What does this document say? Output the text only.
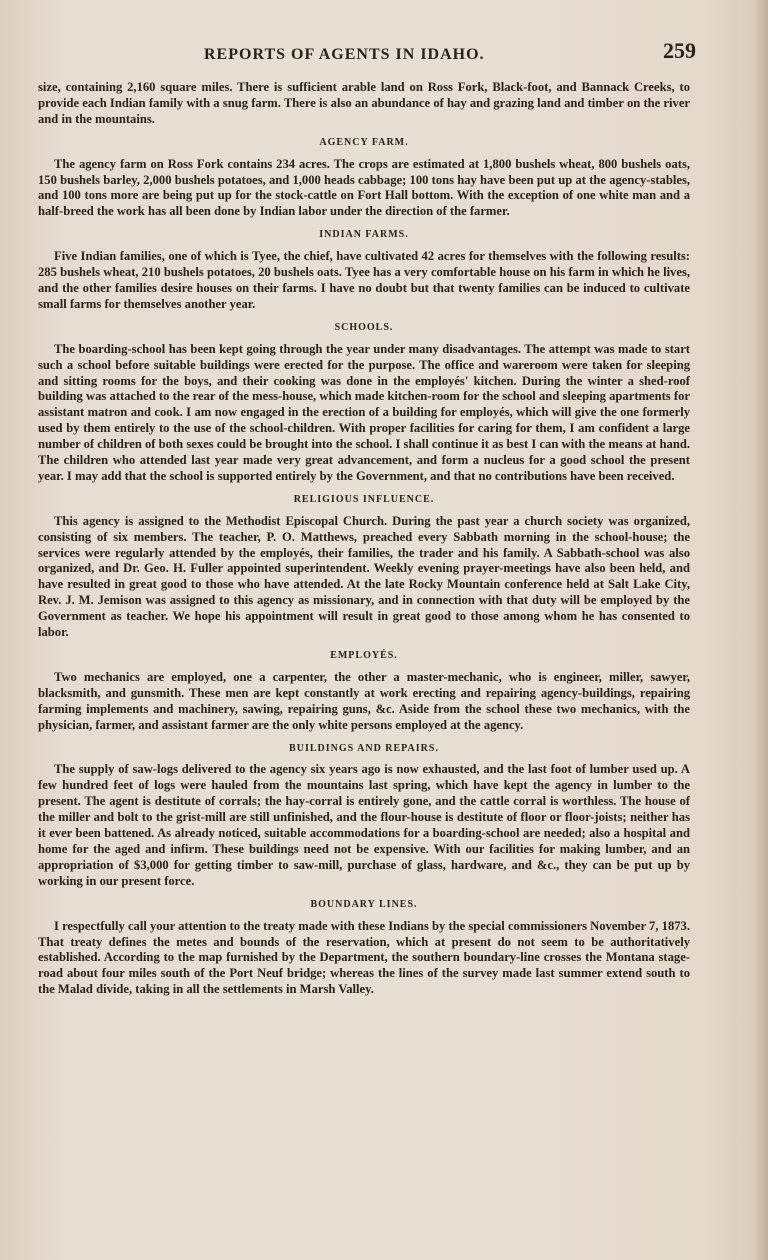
REPORTS OF AGENTS IN IDAHO.	259

size, containing 2,160 square miles. There is sufficient arable land on Ross Fork, Black-foot, and Bannack Creeks, to provide each Indian family with a snug farm. There is also an abundance of hay and grazing land and timber on the river and in the mountains.

AGENCY FARM.

The agency farm on Ross Fork contains 234 acres. The crops are estimated at 1,800 bushels wheat, 800 bushels oats, 150 bushels barley, 2,000 bushels potatoes, and 1,000 heads cabbage; 100 tons hay have been put up at the agency-stables, and 100 tons more are being put up for the stock-cattle on Fort Hall bottom. With the exception of one white man and a half-breed the work has all been done by Indian labor under the direction of the farmer.

INDIAN FARMS.

Five Indian families, one of which is Tyee, the chief, have cultivated 42 acres for themselves with the following results: 285 bushels wheat, 210 bushels potatoes, 20 bushels oats. Tyee has a very comfortable house on his farm in which he lives, and the other families desire houses on their farms. I have no doubt but that twenty families can be induced to cultivate small farms for themselves another year.

SCHOOLS.

The boarding-school has been kept going through the year under many disadvantages. The attempt was made to start such a school before suitable buildings were erected for the purpose. The office and wareroom were taken for sleeping and sitting rooms for the boys, and their cooking was done in the employés' kitchen. During the winter a shed-roof building was attached to the rear of the mess-house, which made kitchen-room for the school and sleeping apartments for assistant matron and cook. I am now engaged in the erection of a building for employés, which will give the one formerly used by them entirely to the use of the school-children. With proper facilities for caring for them, I am confident a large number of children of both sexes could be brought into the school. I shall continue it as best I can with the means at hand. The children who attended last year made very great advancement, and form a nucleus for a good school the present year. I may add that the school is supported entirely by the Government, and that no contributions have been received.

RELIGIOUS INFLUENCE.

This agency is assigned to the Methodist Episcopal Church. During the past year a church society was organized, consisting of six members. The teacher, P. O. Matthews, preached every Sabbath morning in the school-house; the services were regularly attended by the employés, their families, the trader and his family. A Sabbath-school was also organized, and Dr. Geo. H. Fuller appointed superintendent. Weekly evening prayer-meetings have also been held, and have resulted in great good to those who have attended. At the late Rocky Mountain conference held at Salt Lake City, Rev. J. M. Jemison was assigned to this agency as missionary, and in connection with that duty will be employed by the Government as teacher. We hope his appointment will result in great good to those among whom he has consented to labor.

EMPLOYÉS.

Two mechanics are employed, one a carpenter, the other a master-mechanic, who is engineer, miller, sawyer, blacksmith, and gunsmith. These men are kept constantly at work erecting and repairing agency-buildings, repairing farming implements and machinery, sawing, repairing guns, &c. Aside from the school these two mechanics, with the physician, farmer, and assistant farmer are the only white persons employed at the agency.

BUILDINGS AND REPAIRS.

The supply of saw-logs delivered to the agency six years ago is now exhausted, and the last foot of lumber used up. A few hundred feet of logs were hauled from the mountains last spring, which have kept the agency in lumber to the present. The agent is destitute of corrals; the hay-corral is entirely gone, and the cattle corral is worthless. The house of the miller and bolt to the grist-mill are still unfinished, and the flour-house is destitute of floor or floor-joists; neither has it ever been battened. As already noticed, suitable accommodations for a boarding-school are needed; also a hospital and home for the aged and infirm. These buildings need not be expensive. With our facilities for making lumber, and an appropriation of $3,000 for getting timber to saw-mill, purchase of glass, hardware, and &c., they can be put up by working in our present force.

BOUNDARY LINES.

I respectfully call your attention to the treaty made with these Indians by the special commissioners November 7, 1873. That treaty defines the metes and bounds of the reservation, which at present do not seem to be authoritatively established. According to the map furnished by the Department, the southern boundary-line crosses the Montana stage-road about four miles south of the Port Neuf bridge; whereas the lines of the survey made last summer extend south to the Malad divide, taking in all the settlements in Marsh Valley.
